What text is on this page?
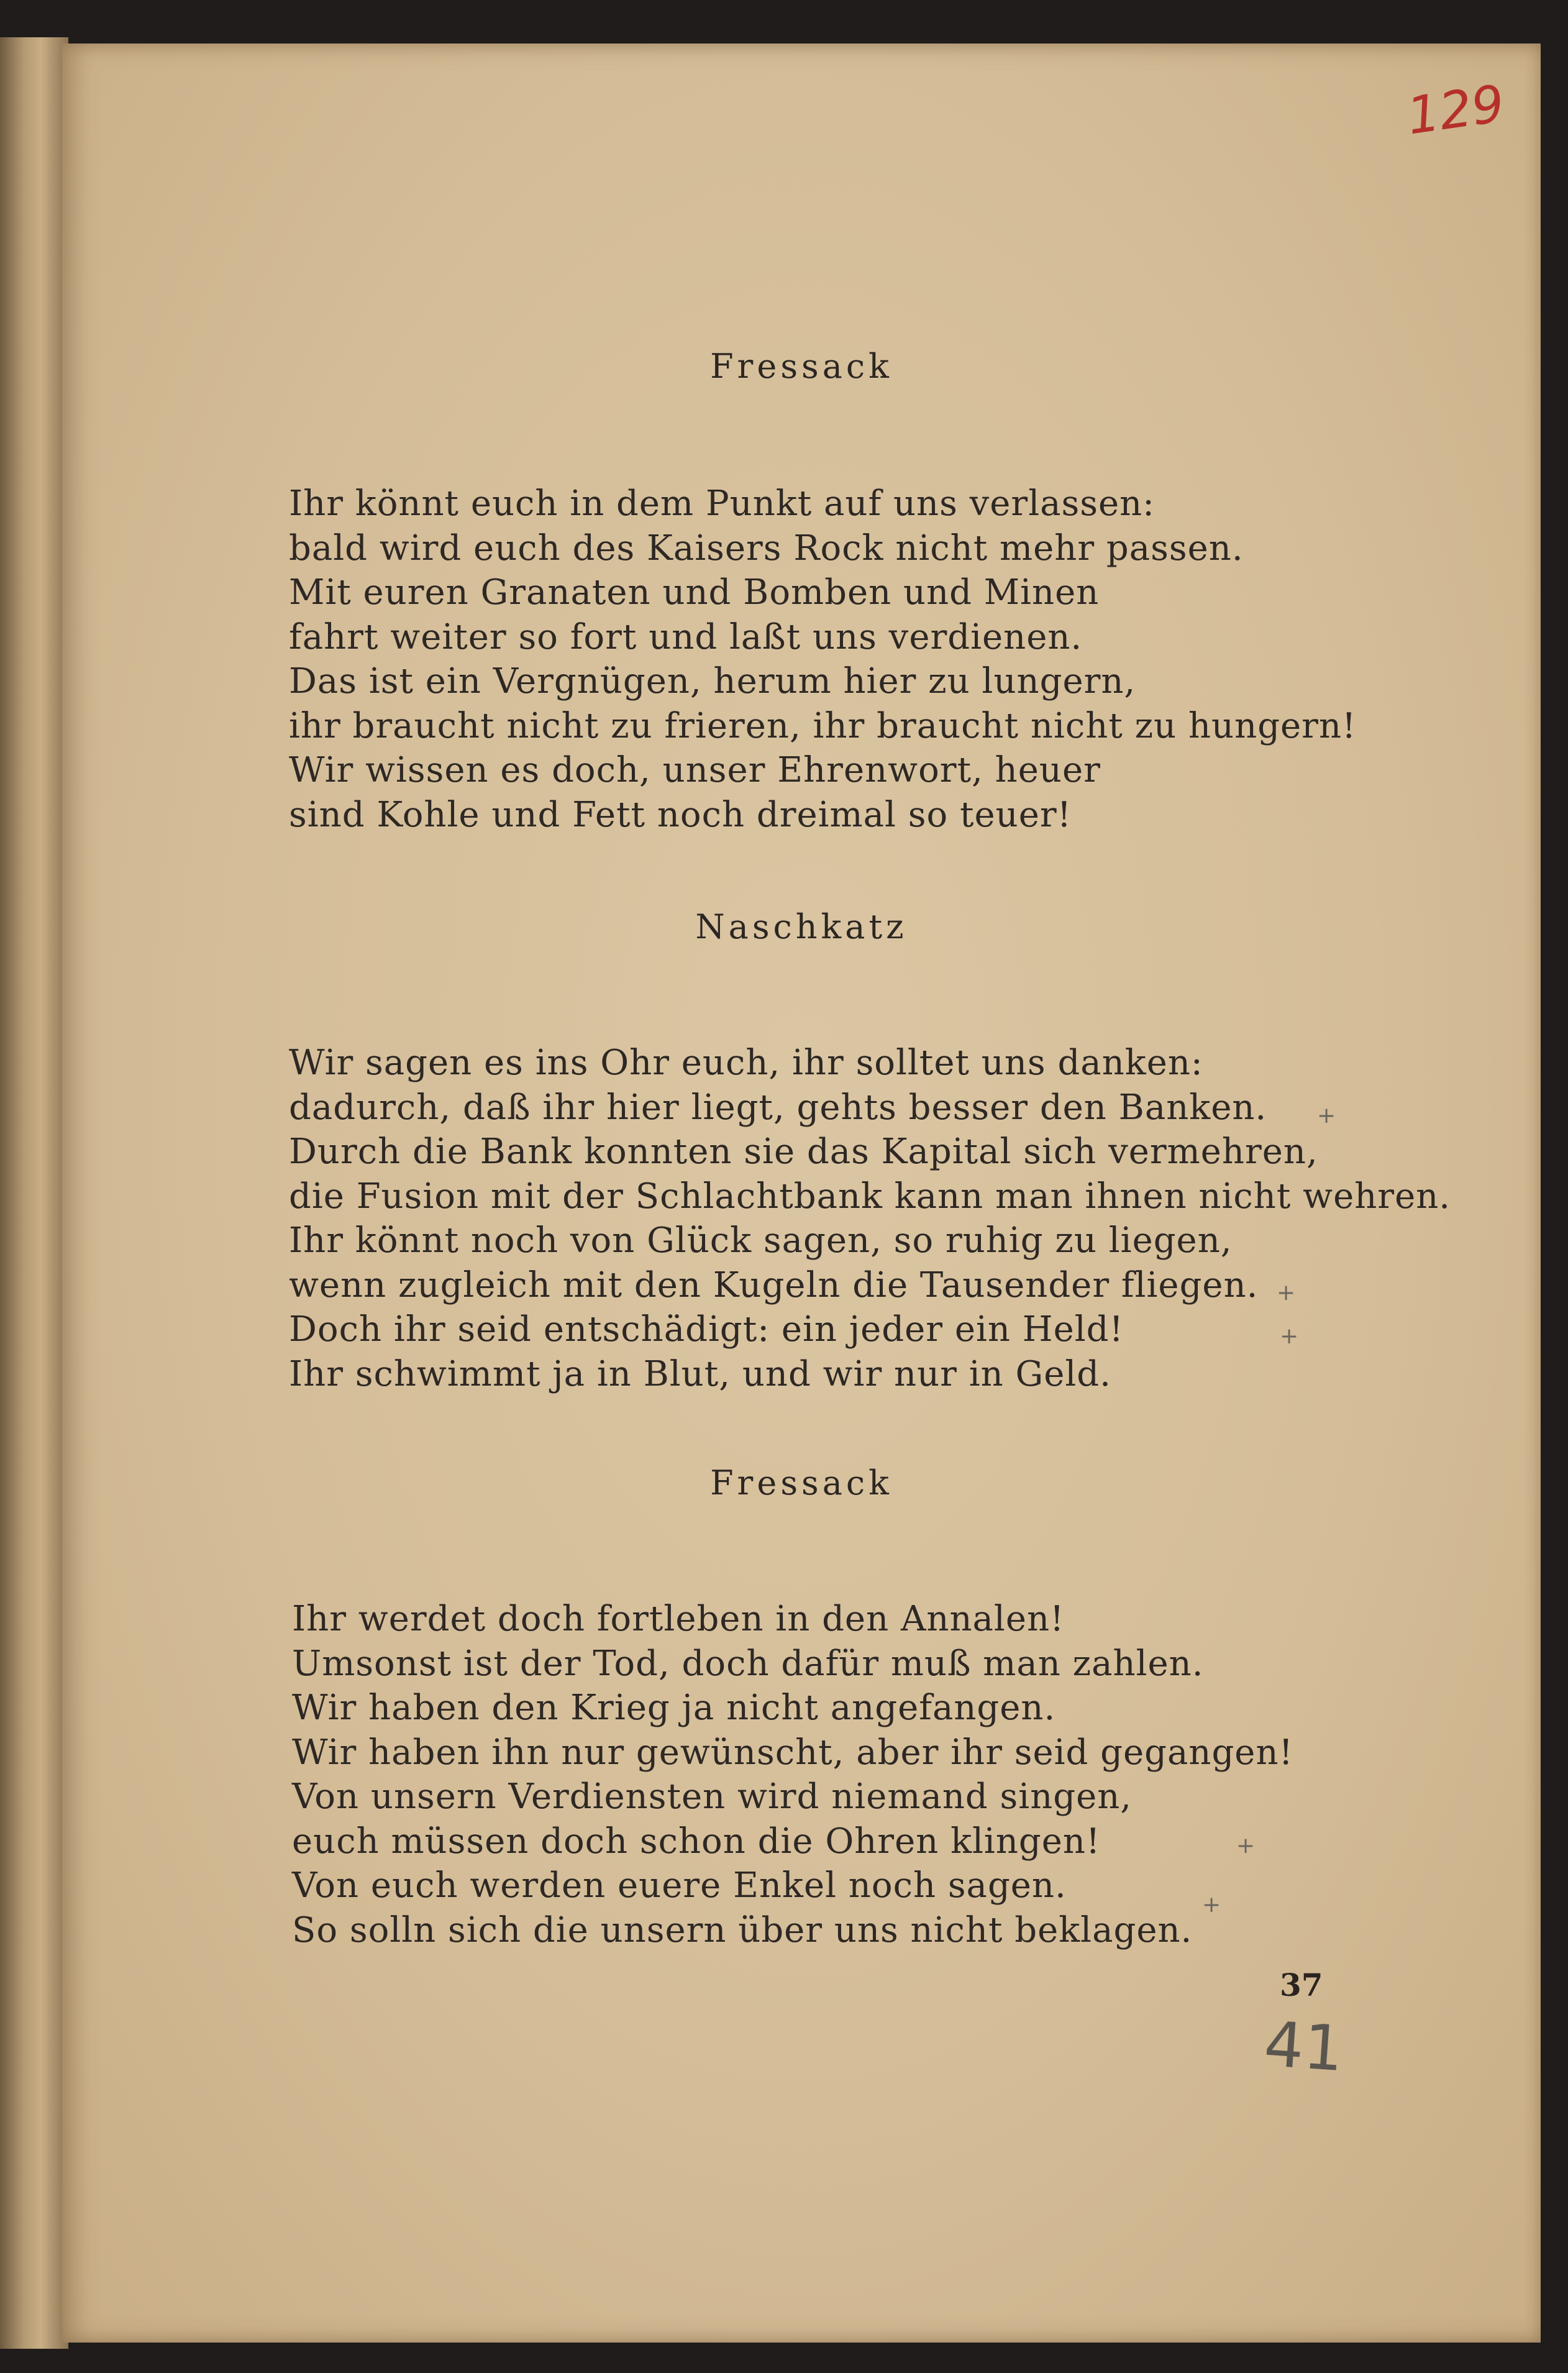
129
Fressack
Ihr könnt euch in dem Punkt auf uns verlassen:
bald wird euch des Kaisers Rock nicht mehr passen.
Mit euren Granaten und Bomben und Minen
fahrt weiter so fort und laßt uns verdienen.
Das ist ein Vergnügen, herum hier zu lungern,
ihr braucht nicht zu frieren, ihr braucht nicht zu hungern!
Wir wissen es doch, unser Ehrenwort, heuer
sind Kohle und Fett noch dreimal so teuer!
Naschkatz
Wir sagen es ins Ohr euch, ihr solltet uns danken:
dadurch, daß ihr hier liegt, gehts besser den Banken.
Durch die Bank konnten sie das Kapital sich vermehren,
die Fusion mit der Schlachtbank kann man ihnen nicht wehren.
Ihr könnt noch von Glück sagen, so ruhig zu liegen,
wenn zugleich mit den Kugeln die Tausender fliegen.
Doch ihr seid entschädigt: ein jeder ein Held!
Ihr schwimmt ja in Blut, und wir nur in Geld.
Fressack
Ihr werdet doch fortleben in den Annalen!
Umsonst ist der Tod, doch dafür muß man zahlen.
Wir haben den Krieg ja nicht angefangen.
Wir haben ihn nur gewünscht, aber ihr seid gegangen!
Von unsern Verdiensten wird niemand singen,
euch müssen doch schon die Ohren klingen!
Von euch werden euere Enkel noch sagen.
So solln sich die unsern über uns nicht beklagen.
+
+
+
+
+
37
41
